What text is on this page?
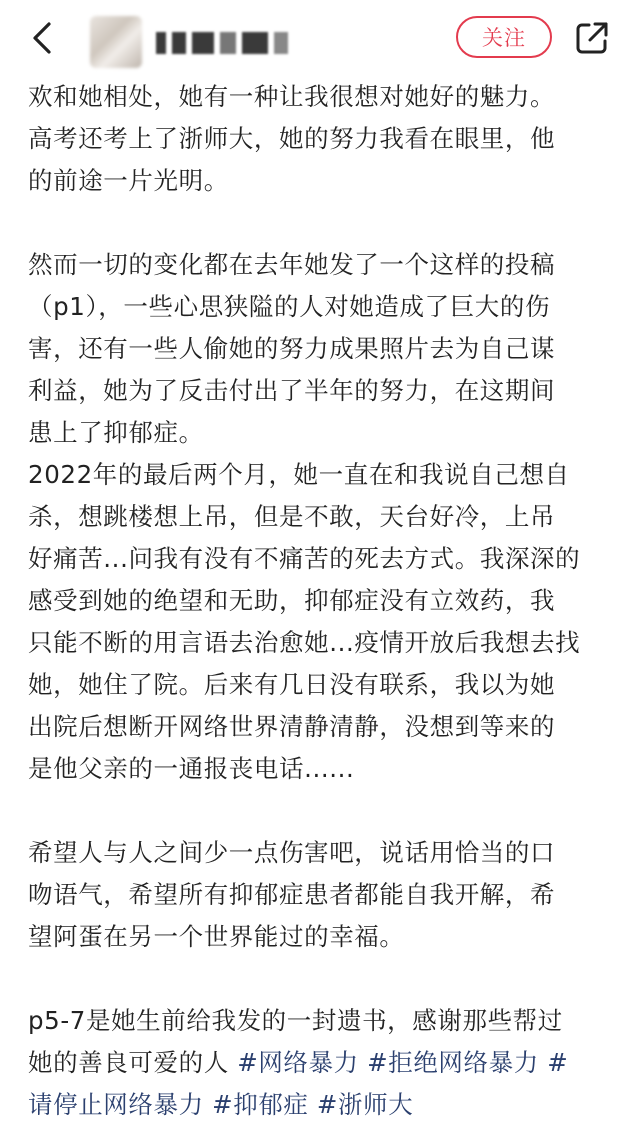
关注
欢和她相处，她有一种让我很想对她好的魅力。
高考还考上了浙师大，她的努力我看在眼里，他
的前途一片光明。
然而一切的变化都在去年她发了一个这样的投稿
（p1），一些心思狭隘的人对她造成了巨大的伤
害，还有一些人偷她的努力成果照片去为自己谋
利益，她为了反击付出了半年的努力，在这期间
患上了抑郁症。
2022年的最后两个月，她一直在和我说自己想自
杀，想跳楼想上吊，但是不敢，天台好冷，上吊
好痛苦...问我有没有不痛苦的死去方式。我深深的
感受到她的绝望和无助，抑郁症没有立效药，我
只能不断的用言语去治愈她...疫情开放后我想去找
她，她住了院。后来有几日没有联系，我以为她
出院后想断开网络世界清静清静，没想到等来的
是他父亲的一通报丧电话......
希望人与人之间少一点伤害吧，说话用恰当的口
吻语气，希望所有抑郁症患者都能自我开解，希
望阿蛋在另一个世界能过的幸福。
p5-7是她生前给我发的一封遗书，感谢那些帮过
她的善良可爱的人 #网络暴力 #拒绝网络暴力 #
请停止网络暴力 #抑郁症 #浙师大
